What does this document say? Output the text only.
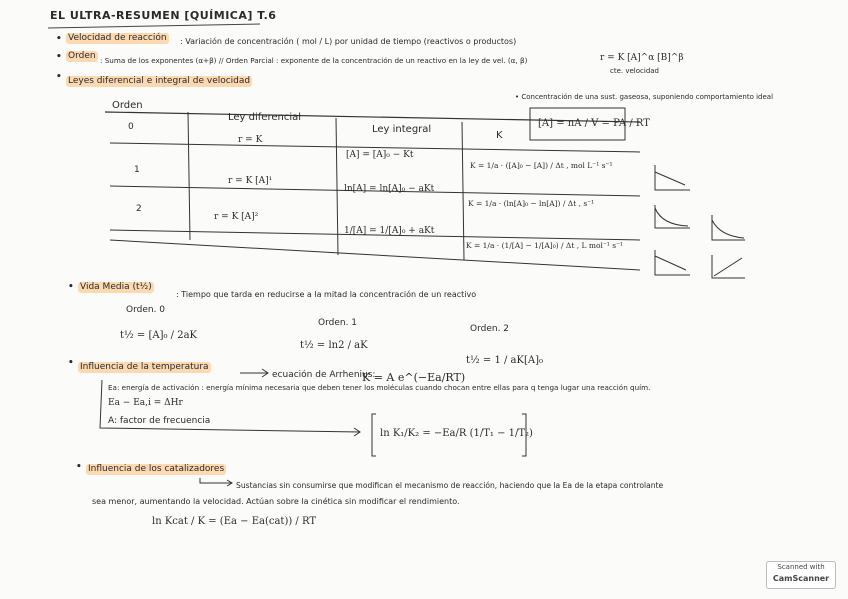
EL ULTRA-RESUMEN [QUÍMICA] T.6
• Velocidad de reacción : Variación de concentración ( mol / L) por unidad de tiempo (reactivos o productos)
r = K [A]^α [B]^β
cte. velocidad
• Orden : Suma de los exponentes (α+β) // Orden Parcial : exponente de la concentración de un reactivo en la ley de vel. (α, β)
• Leyes diferencial e integral de velocidad
• Concentración de una sust. gaseosa, suponiendo comportamiento ideal
[A] = nA / V = PA / RT
Orden
Ley diferencial
Ley integral
K
0
r = K
[A] = [A]₀ − Kt
K = 1/a · ([A]₀ − [A]) / Δt , mol L⁻¹ s⁻¹
1
r = K [A]¹
ln[A] = ln[A]₀ − aKt
K = 1/a · (ln[A]₀ − ln[A]) / Δt , s⁻¹
2
r = K [A]²
1/[A] = 1/[A]₀ + aKt
K = 1/a · (1/[A] − 1/[A]₀) / Δt , L mol⁻¹ s⁻¹
• Vida Media (t½)
: Tiempo que tarda en reducirse a la mitad la concentración de un reactivo
Orden. 0
t½ = [A]₀ / 2aK
Orden. 1
t½ = ln2 / aK
Orden. 2
t½ = 1 / aK[A]₀
• Influencia de la temperatura
ecuación de Arrhenius:
K = A e^(−Ea/RT)
Ea: energía de activación : energía mínima necesaria que deben tener los moléculas cuando chocan entre ellas para q tenga lugar una reacción quím.
Ea − Ea,i = ΔHr
A: factor de frecuencia
ln K₁/K₂ = −Ea/R (1/T₁ − 1/T₂)
• Influencia de los catalizadores
Sustancias sin consumirse que modifican el mecanismo de reacción, haciendo que la Ea de la etapa controlante
sea menor, aumentando la velocidad. Actúan sobre la cinética sin modificar el rendimiento.
ln Kcat / K = (Ea − Ea(cat)) / RT
Scanned with
CamScanner
